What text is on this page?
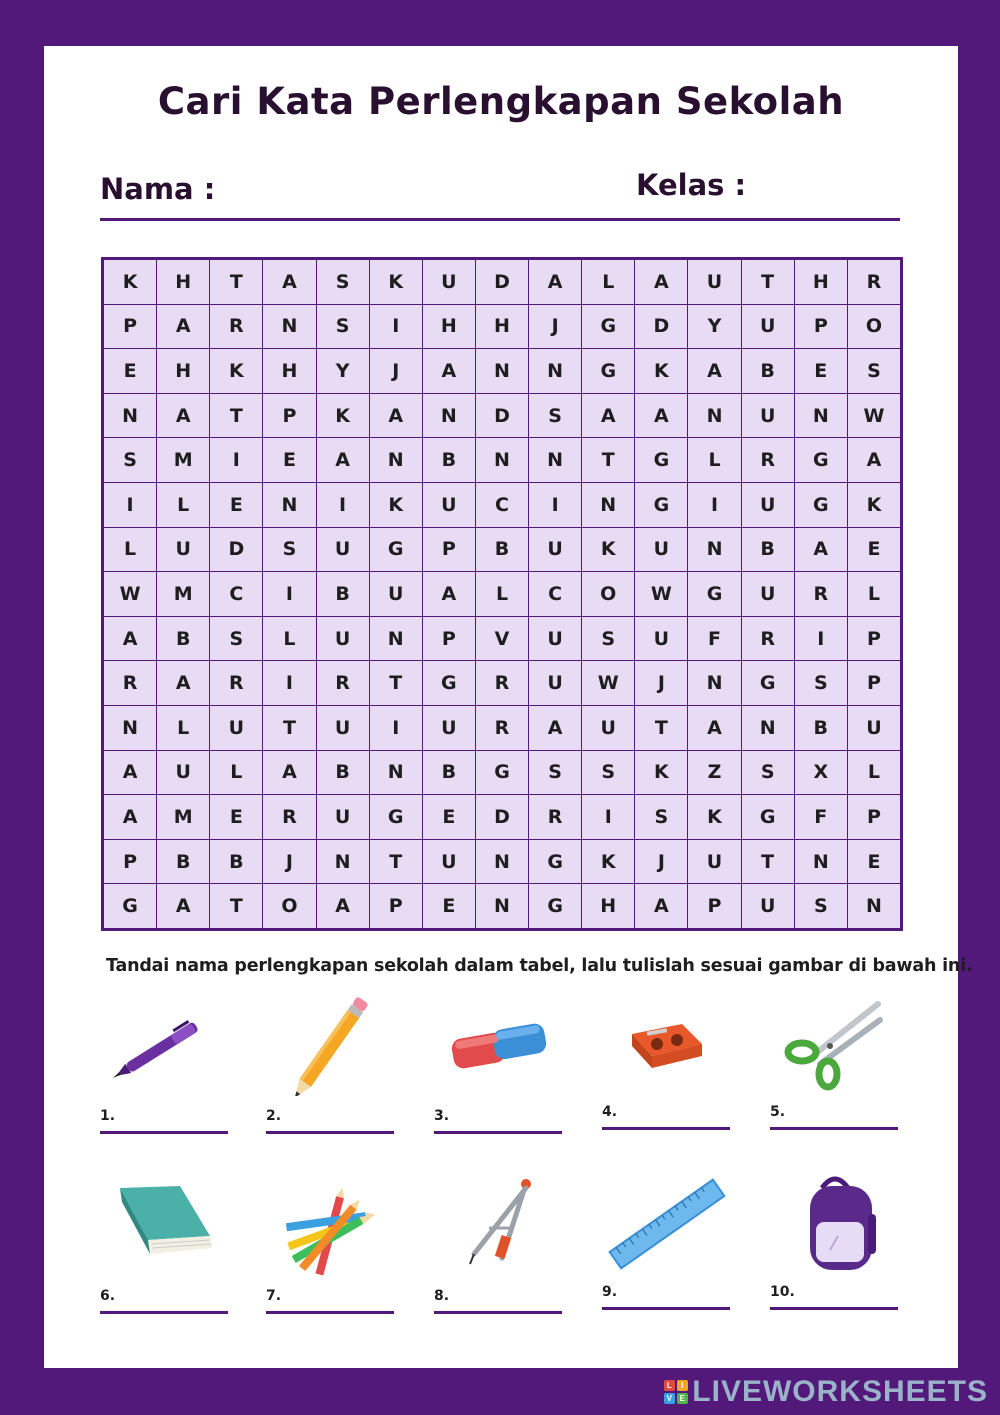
Cari Kata Perlengkapan Sekolah
Nama :	Kelas :
K	H	T	A	S	K	U	D	A	L	A	U	T	H	R
P	A	R	N	S	I	H	H	J	G	D	Y	U	P	O
E	H	K	H	Y	J	A	N	N	G	K	A	B	E	S
N	A	T	P	K	A	N	D	S	A	A	N	U	N	W
S	M	I	E	A	N	B	N	N	T	G	L	R	G	A
I	L	E	N	I	K	U	C	I	N	G	I	U	G	K
L	U	D	S	U	G	P	B	U	K	U	N	B	A	E
W	M	C	I	B	U	A	L	C	O	W	G	U	R	L
A	B	S	L	U	N	P	V	U	S	U	F	R	I	P
R	A	R	I	R	T	G	R	U	W	J	N	G	S	P
N	L	U	T	U	I	U	R	A	U	T	A	N	B	U
A	U	L	A	B	N	B	G	S	S	K	Z	S	X	L
A	M	E	R	U	G	E	D	R	I	S	K	G	F	P
P	B	B	J	N	T	U	N	G	K	J	U	T	N	E
G	A	T	O	A	P	E	N	G	H	A	P	U	S	N
Tandai nama perlengkapan sekolah dalam tabel, lalu tulislah sesuai gambar di bawah ini.
1.	2.	3.	4.	5.
6.	7.	8.	9.	10.
L	I
V E LIVEWORKSHEETS
